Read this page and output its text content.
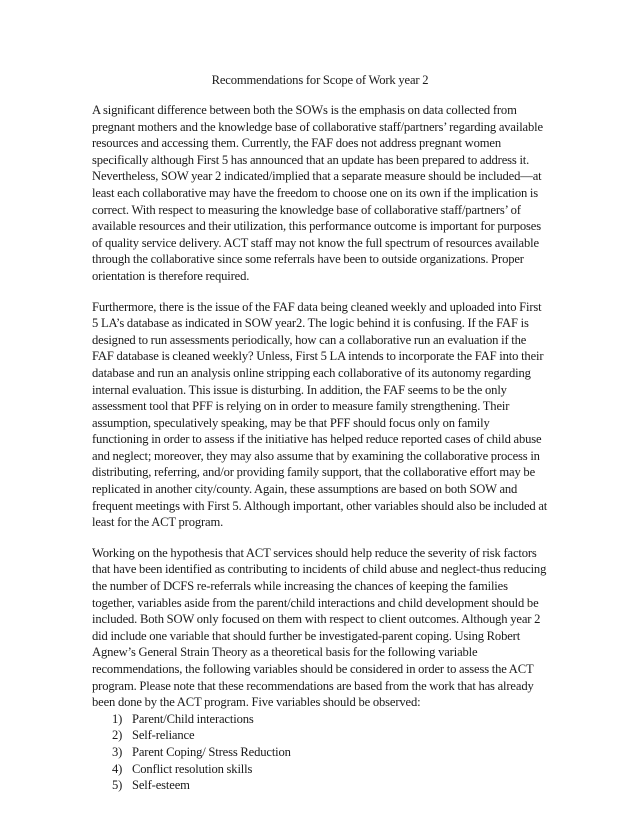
Recommendations for Scope of Work year 2

A significant difference between both the SOWs is the emphasis on data collected from pregnant mothers and the knowledge base of collaborative staff/partners’ regarding available resources and accessing them. Currently, the FAF does not address pregnant women specifically although First 5 has announced that an update has been prepared to address it. Nevertheless, SOW year 2 indicated/implied that a separate measure should be included—at least each collaborative may have the freedom to choose one on its own if the implication is correct. With respect to measuring the knowledge base of collaborative staff/partners’ of available resources and their utilization, this performance outcome is important for purposes of quality service delivery. ACT staff may not know the full spectrum of resources available through the collaborative since some referrals have been to outside organizations. Proper orientation is therefore required.

Furthermore, there is the issue of the FAF data being cleaned weekly and uploaded into First 5 LA’s database as indicated in SOW year2. The logic behind it is confusing. If the FAF is designed to run assessments periodically, how can a collaborative run an evaluation if the FAF database is cleaned weekly? Unless, First 5 LA intends to incorporate the FAF into their database and run an analysis online stripping each collaborative of its autonomy regarding internal evaluation. This issue is disturbing. In addition, the FAF seems to be the only assessment tool that PFF is relying on in order to measure family strengthening. Their assumption, speculatively speaking, may be that PFF should focus only on family functioning in order to assess if the initiative has helped reduce reported cases of child abuse and neglect; moreover, they may also assume that by examining the collaborative process in distributing, referring, and/or providing family support, that the collaborative effort may be replicated in another city/county. Again, these assumptions are based on both SOW and frequent meetings with First 5. Although important, other variables should also be included at least for the ACT program.

Working on the hypothesis that ACT services should help reduce the severity of risk factors that have been identified as contributing to incidents of child abuse and neglect-thus reducing the number of DCFS re-referrals while increasing the chances of keeping the families together, variables aside from the parent/child interactions and child development should be included. Both SOW only focused on them with respect to client outcomes. Although year 2 did include one variable that should further be investigated-parent coping. Using Robert Agnew’s General Strain Theory as a theoretical basis for the following variable recommendations, the following variables should be considered in order to assess the ACT program. Please note that these recommendations are based from the work that has already been done by the ACT program. Five variables should be observed:

1) Parent/Child interactions
2) Self-reliance
3) Parent Coping/ Stress Reduction
4) Conflict resolution skills
5) Self-esteem
